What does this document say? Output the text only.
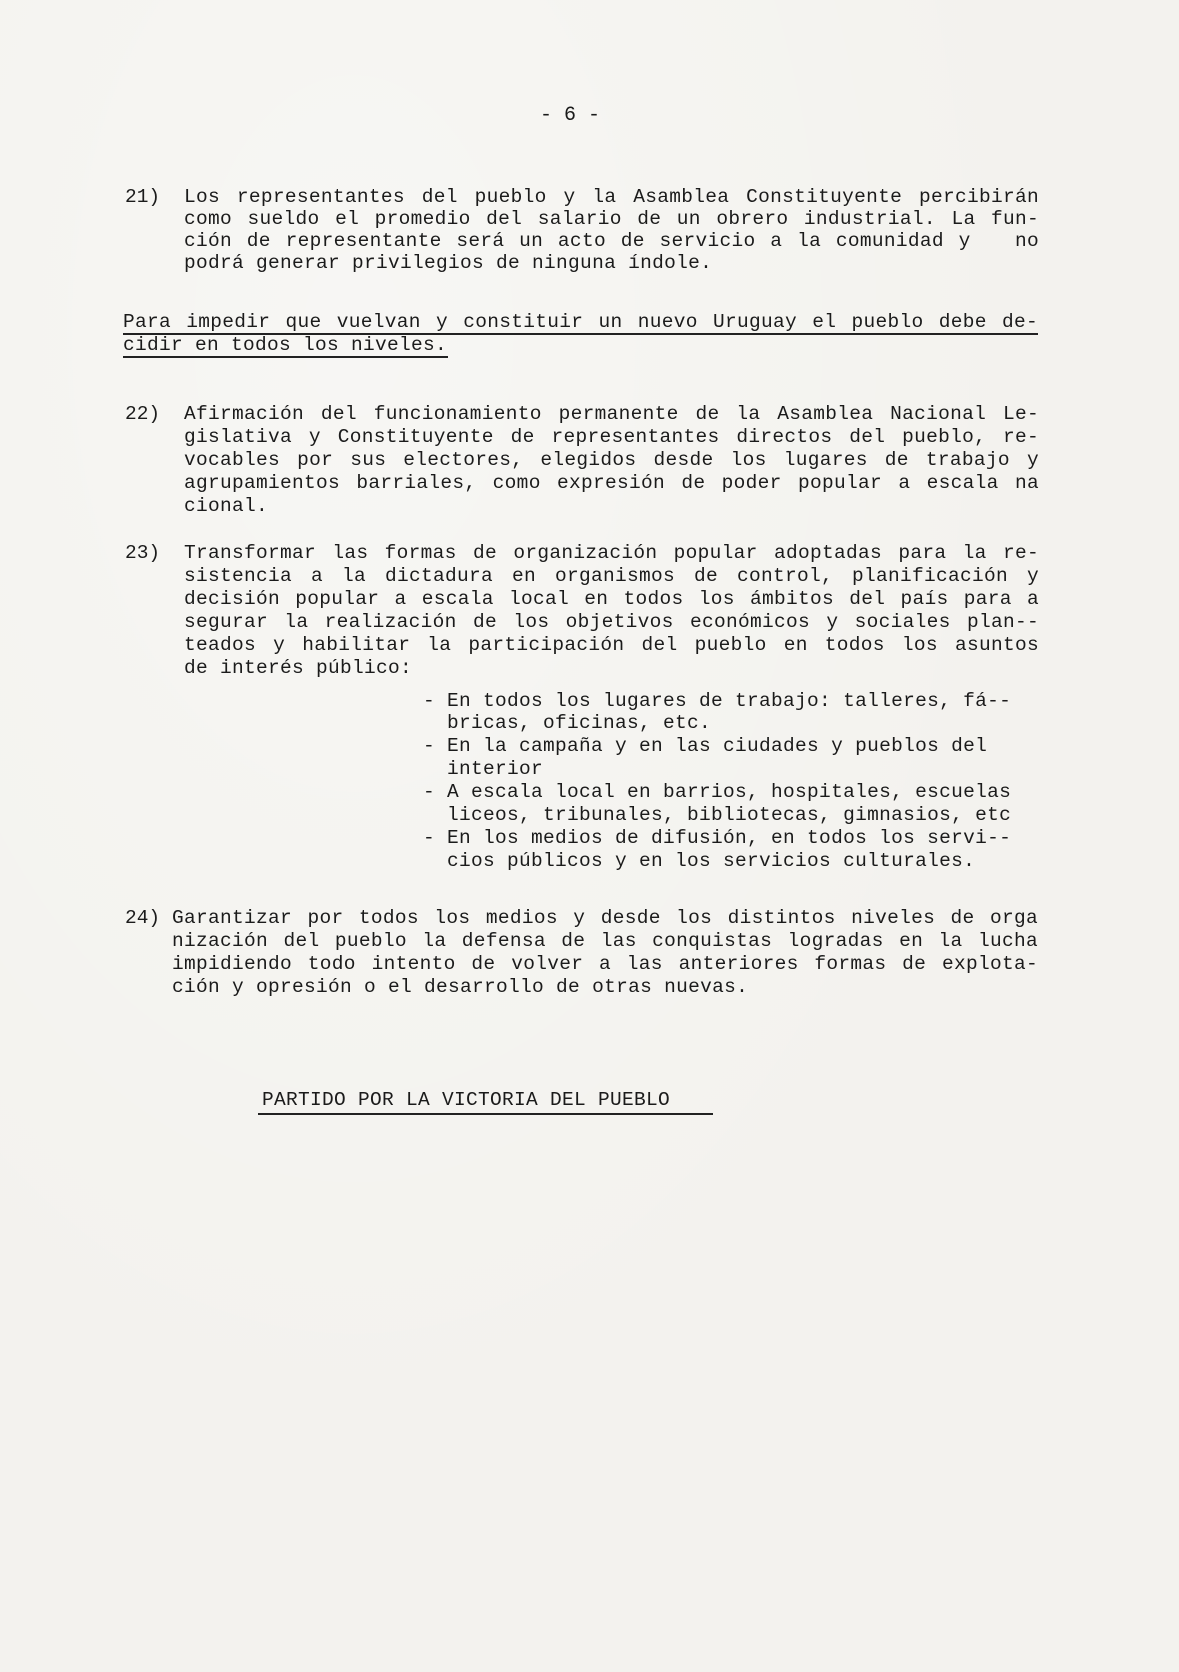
- 6 -
21) Los representantes del pueblo y la Asamblea Constituyente percibirán
como sueldo el promedio del salario de un obrero industrial. La fun-
ción de representante será un acto de servicio a la comunidad y   no
podrá generar privilegios de ninguna índole.
Para impedir que vuelvan y constituir un nuevo Uruguay el pueblo debe de-
cidir en todos los niveles.
22) Afirmación del funcionamiento permanente de la Asamblea Nacional Le-
gislativa y Constituyente de representantes directos del pueblo, re-
vocables por sus electores, elegidos desde los lugares de trabajo y
agrupamientos barriales, como expresión de poder popular a escala na
cional.
23) Transformar las formas de organización popular adoptadas para la re-
sistencia a la dictadura en organismos de control, planificación y
decisión popular a escala local en todos los ámbitos del país para a
segurar la realización de los objetivos económicos y sociales plan--
teados y habilitar la participación del pueblo en todos los asuntos
de interés público:
- En todos los lugares de trabajo: talleres, fá--
bricas, oficinas, etc.
- En la campaña y en las ciudades y pueblos del
interior
- A escala local en barrios, hospitales, escuelas
liceos, tribunales, bibliotecas, gimnasios, etc
- En los medios de difusión, en todos los servi--
cios públicos y en los servicios culturales.
24) Garantizar por todos los medios y desde los distintos niveles de orga
nización del pueblo la defensa de las conquistas logradas en la lucha
impidiendo todo intento de volver a las anteriores formas de explota-
ción y opresión o el desarrollo de otras nuevas.
PARTIDO POR LA VICTORIA DEL PUEBLO
